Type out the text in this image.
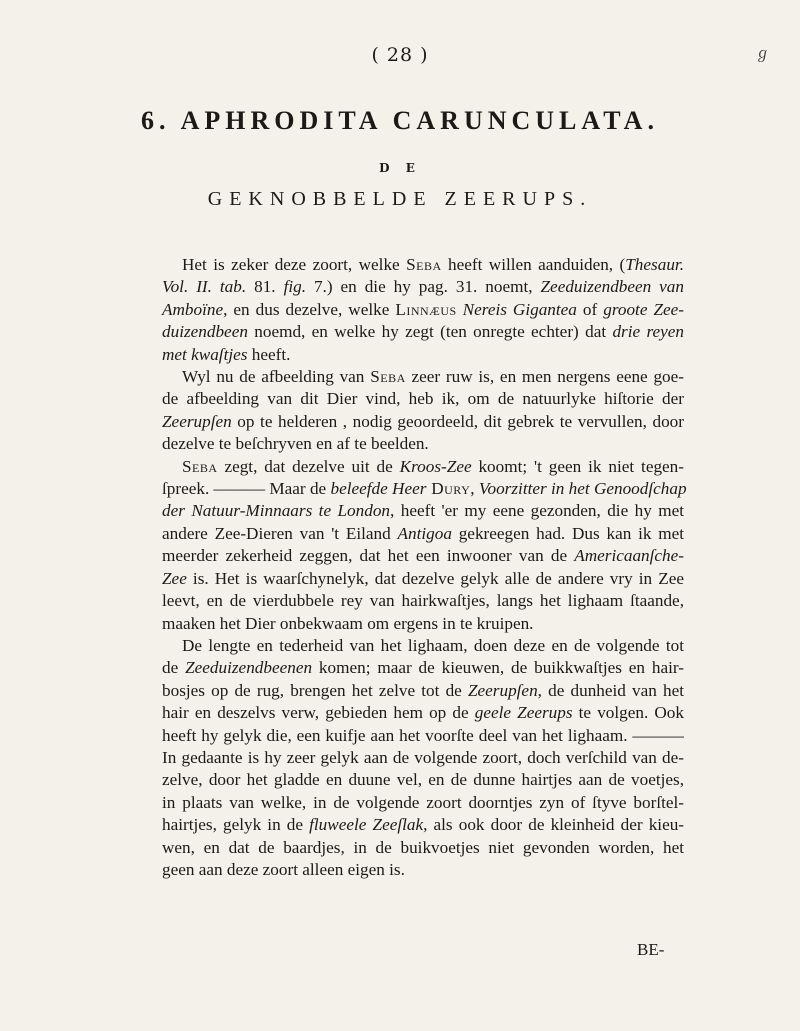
( 28 )	ℊ
6. APHRODITA CARUNCULATA.
D E
GEKNOBBELDE ZEERUPS.
Het is zeker deze zoort, welke Seba heeft willen aanduiden, (Thesaur.
Vol. II. tab. 81. fig. 7.) en die hy pag. 31. noemt, Zeeduizendbeen van
Amboïne, en dus dezelve, welke Linnæus Nereis Gigantea of groote Zee-
duizendbeen noemd, en welke hy zegt (ten onregte echter) dat drie reyen
met kwaſtjes heeft.
Wyl nu de afbeelding van Seba zeer ruw is, en men nergens eene goe-
de afbeelding van dit Dier vind, heb ik, om de natuurlyke hiſtorie der
Zeerupſen op te helderen , nodig geoordeeld, dit gebrek te vervullen, door
dezelve te beſchryven en af te beelden.
Seba zegt, dat dezelve uit de Kroos-Zee koomt; 't geen ik niet tegen-
ſpreek. ——— Maar de beleefde Heer Dury, Voorzitter in het Genoodſchap
der Natuur-Minnaars te London, heeft 'er my eene gezonden, die hy met
andere Zee-Dieren van 't Eiland Antigoa gekreegen had. Dus kan ik met
meerder zekerheid zeggen, dat het een inwooner van de Americaanſche-
Zee is. Het is waarſchynelyk, dat dezelve gelyk alle de andere vry in Zee
leevt, en de vierdubbele rey van hairkwaſtjes, langs het lighaam ſtaande,
maaken het Dier onbekwaam om ergens in te kruipen.
De lengte en tederheid van het lighaam, doen deze en de volgende tot
de Zeeduizendbeenen komen; maar de kieuwen, de buikkwaſtjes en hair-
bosjes op de rug, brengen het zelve tot de Zeerupſen, de dunheid van het
hair en deszelvs verw, gebieden hem op de geele Zeerups te volgen. Ook
heeft hy gelyk die, een kuifje aan het voorſte deel van het lighaam. ———
In gedaante is hy zeer gelyk aan de volgende zoort, doch verſchild van de-
zelve, door het gladde en duune vel, en de dunne hairtjes aan de voetjes,
in plaats van welke, in de volgende zoort doorntjes zyn of ſtyve borſtel-
hairtjes, gelyk in de fluweele Zeeſlak, als ook door de kleinheid der kieu-
wen, en dat de baardjes, in de buikvoetjes niet gevonden worden, het
geen aan deze zoort alleen eigen is.
BE-
